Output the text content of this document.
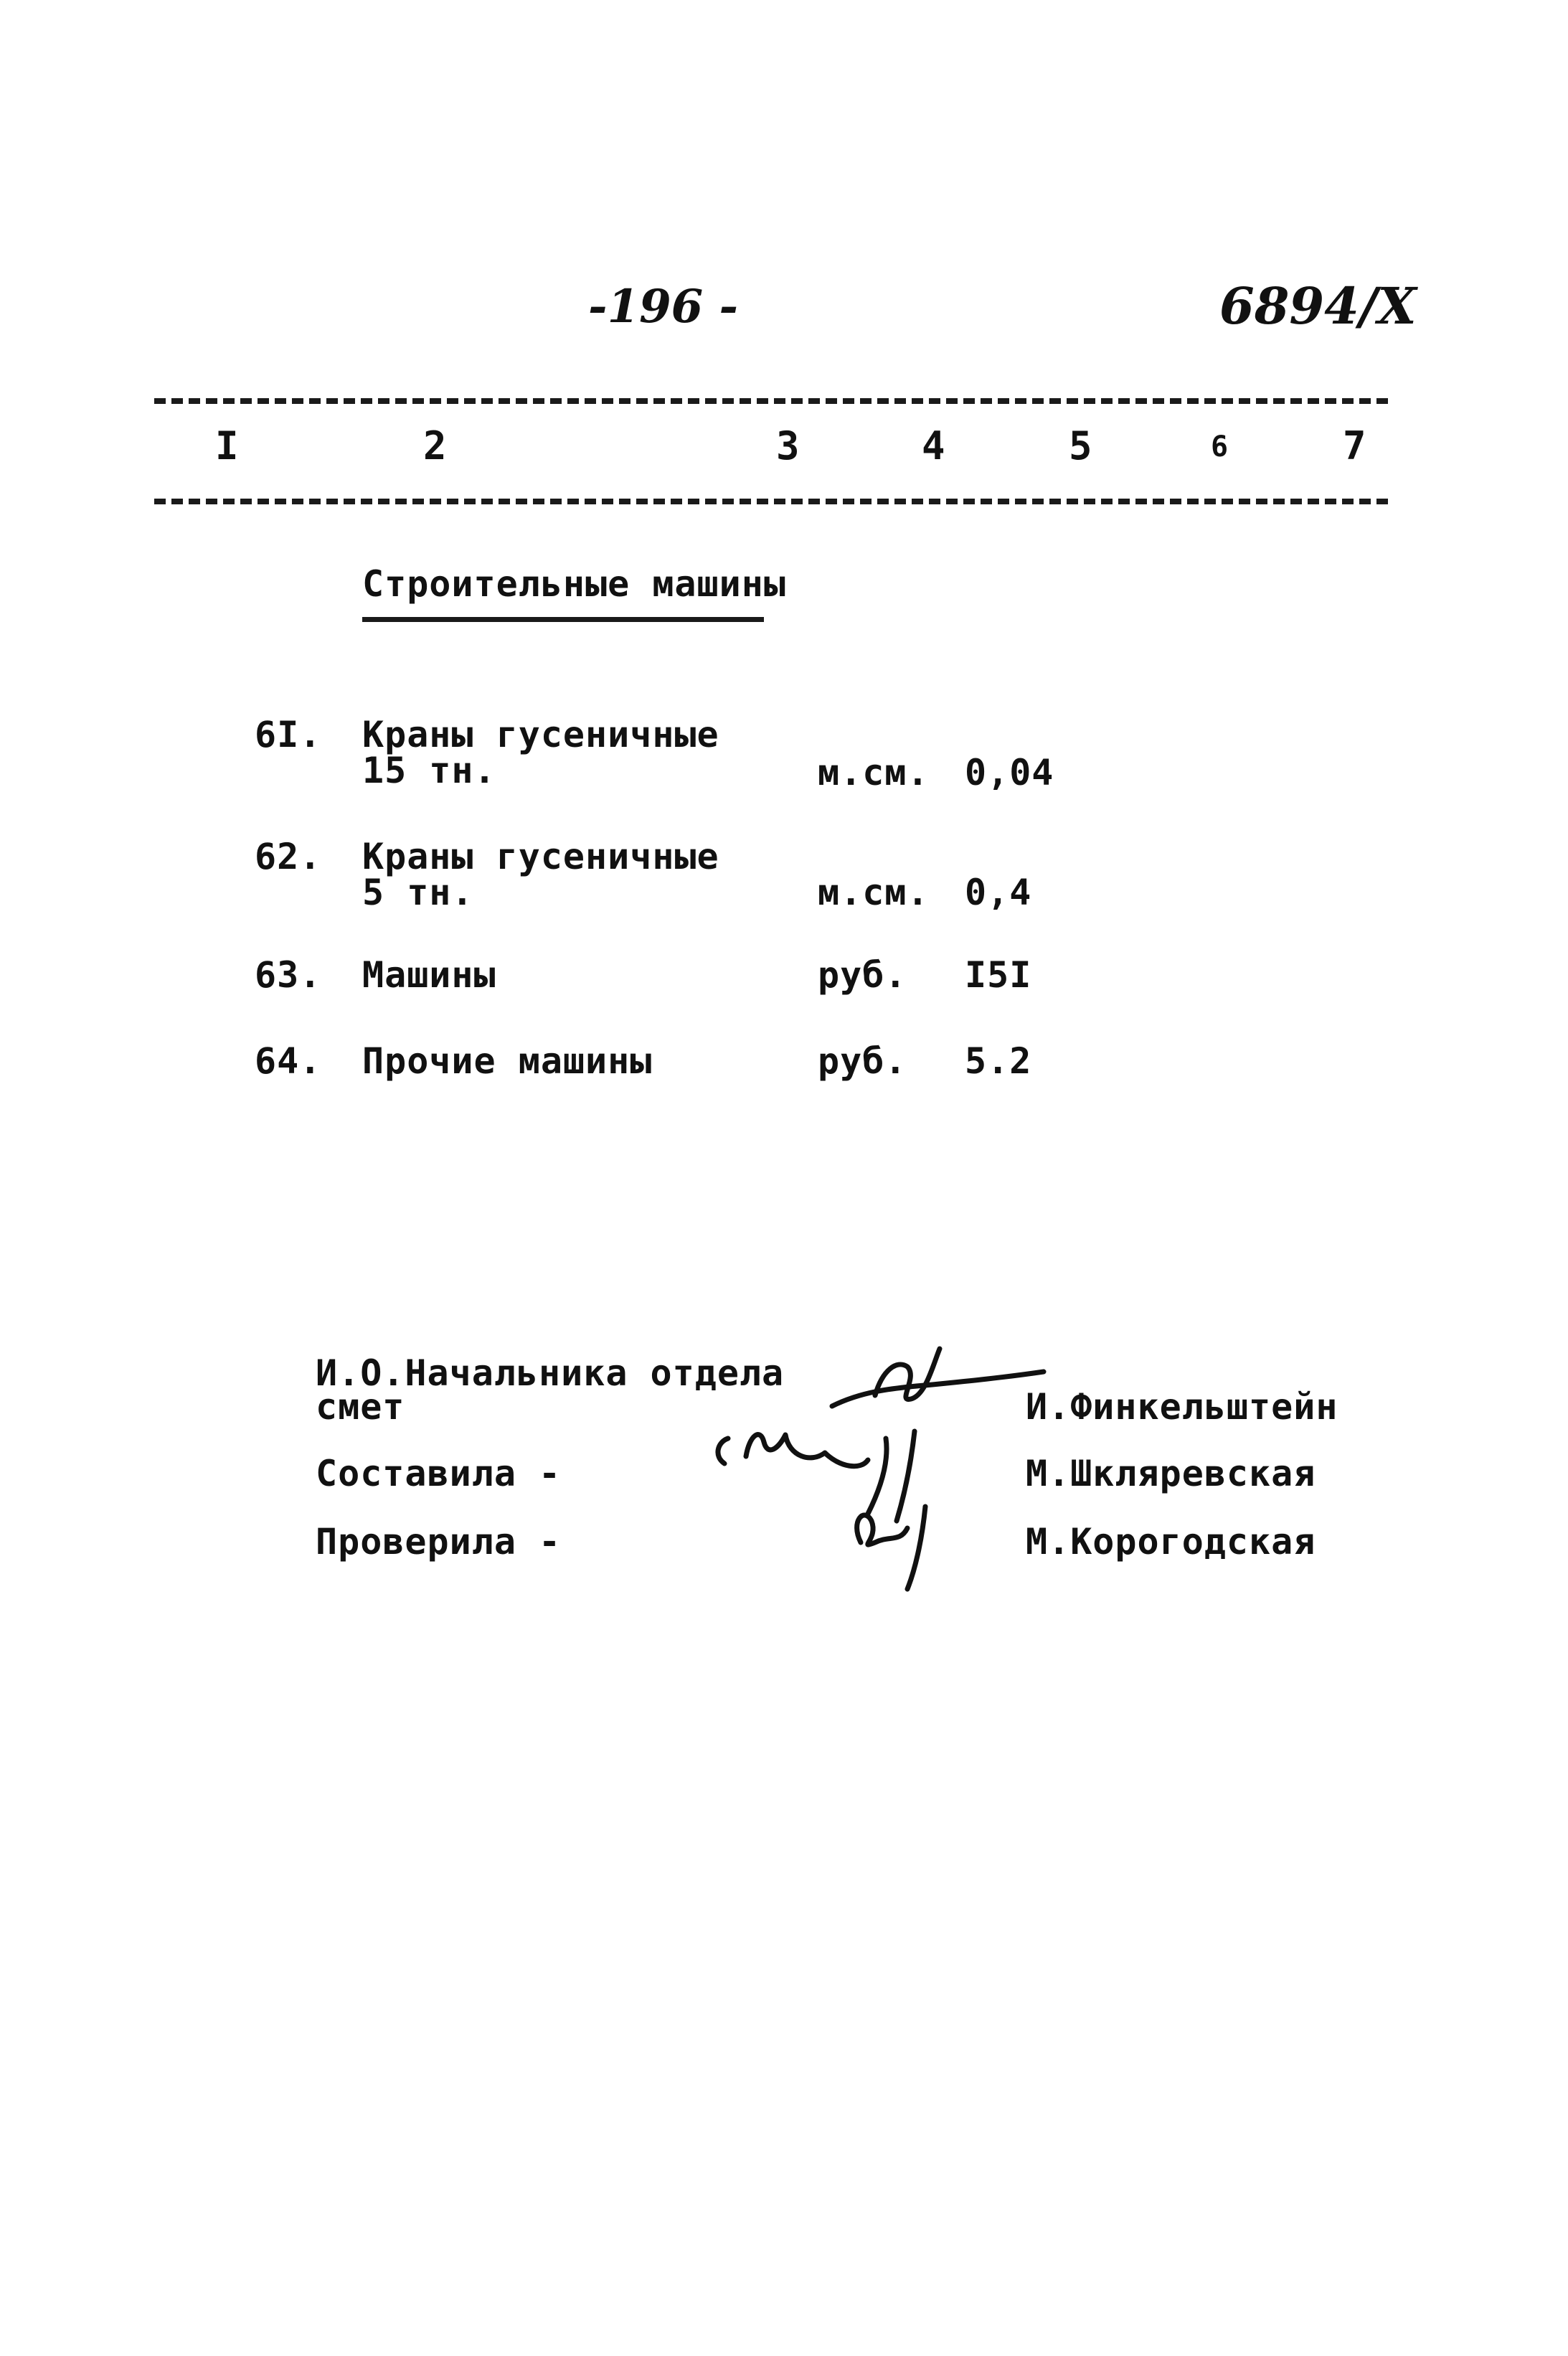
-196 -	6894/X
I	2	3	4	5	6	7
Строительные машины
6I. Краны гусеничные
15 тн.	м.см. 0,04
62. Краны гусеничные
5 тн.	м.см. 0,4
63. Машины	руб. I5I
64. Прочие машины	руб. 5.2
И.О.Начальника отдела
смет	И.Финкельштейн
Составила -	М.Шкляревская
Проверила -	М.Корогодская
